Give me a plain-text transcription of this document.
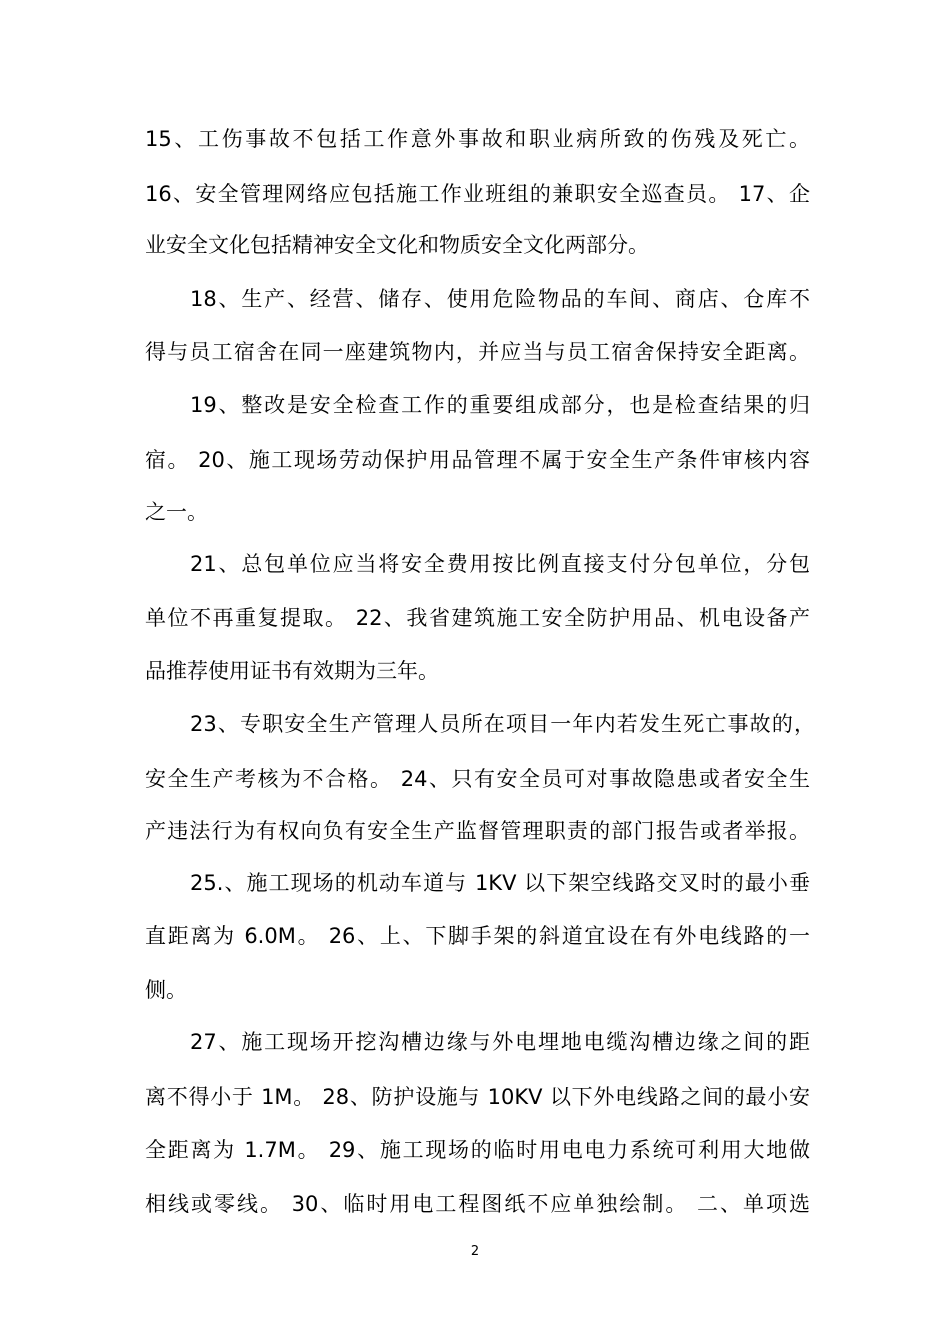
15、工伤事故不包括工作意外事故和职业病所致的伤残及死亡。
16、安全管理网络应包括施工作业班组的兼职安全巡查员。 17、企
业安全文化包括精神安全文化和物质安全文化两部分。
18、生产、经营、储存、使用危险物品的车间、商店、仓库不
得与员工宿舍在同一座建筑物内，并应当与员工宿舍保持安全距离。
19、整改是安全检查工作的重要组成部分，也是检查结果的归
宿。 20、施工现场劳动保护用品管理不属于安全生产条件审核内容
之一。
21、总包单位应当将安全费用按比例直接支付分包单位，分包
单位不再重复提取。 22、我省建筑施工安全防护用品、机电设备产
品推荐使用证书有效期为三年。
23、专职安全生产管理人员所在项目一年内若发生死亡事故的，
安全生产考核为不合格。 24、只有安全员可对事故隐患或者安全生
产违法行为有权向负有安全生产监督管理职责的部门报告或者举报。
25.、施工现场的机动车道与 1KV 以下架空线路交叉时的最小垂
直距离为 6.0M。 26、上、下脚手架的斜道宜设在有外电线路的一
侧。
27、施工现场开挖沟槽边缘与外电埋地电缆沟槽边缘之间的距
离不得小于 1M。 28、防护设施与 10KV 以下外电线路之间的最小安
全距离为 1.7M。 29、施工现场的临时用电电力系统可利用大地做
相线或零线。 30、临时用电工程图纸不应单独绘制。 二、单项选
2
